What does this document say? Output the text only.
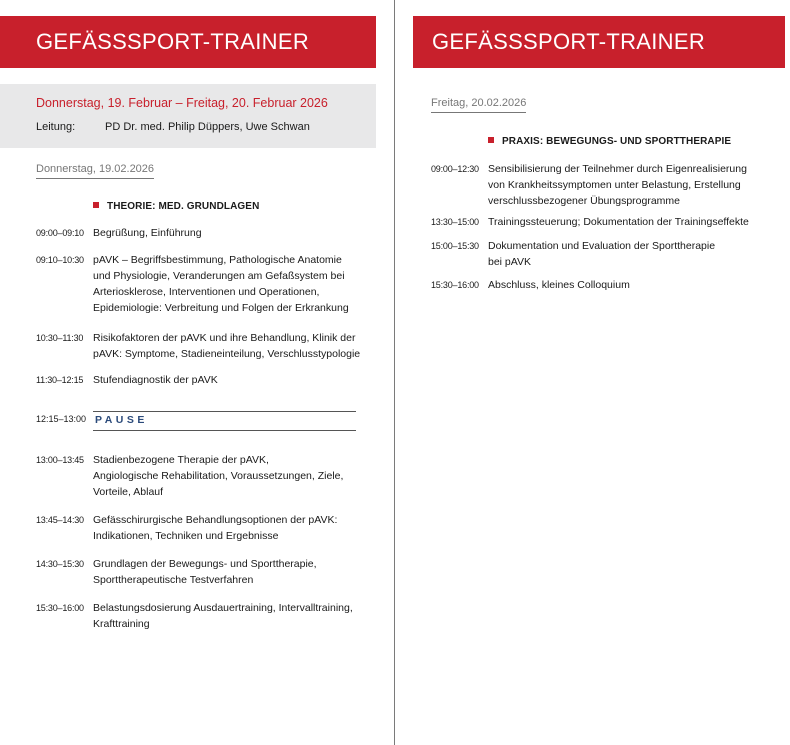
GEFÄSSSPORT-TRAINER
Donnerstag, 19. Februar – Freitag, 20. Februar 2026
Leitung:	PD Dr. med. Philip Düppers, Uwe Schwan
Donnerstag, 19.02.2026
THEORIE: MED. GRUNDLAGEN
09:00–09:10 Begrüßung, Einführung
09:10–10:30 pAVK – Begriffsbestimmung, Pathologische Anatomie
und Physiologie, Veranderungen am Gefaßsystem bei
Arteriosklerose, Interventionen und Operationen,
Epidemiologie: Verbreitung und Folgen der Erkrankung
10:30–11:30 Risikofaktoren der pAVK und ihre Behandlung, Klinik der
pAVK: Symptome, Stadieneinteilung, Verschlusstypologie
11:30–12:15 Stufendiagnostik der pAVK
13:00–13:45 Stadienbezogene Therapie der pAVK,
Angiologische Rehabilitation, Voraussetzungen, Ziele,
Vorteile, Ablauf
13:45–14:30 Gefässchirurgische Behandlungsoptionen der pAVK:
Indikationen, Techniken und Ergebnisse
14:30–15:30 Grundlagen der Bewegungs- und Sporttherapie,
Sporttherapeutische Testverfahren
15:30–16:00 Belastungsdosierung Ausdauertraining, Intervalltraining,
Krafttraining
12:15–13:00 PAUSE
GEFÄSSSPORT-TRAINER
Freitag, 20.02.2026
PRAXIS: BEWEGUNGS- UND SPORTTHERAPIE
09:00–12:30 Sensibilisierung der Teilnehmer durch Eigenrealisierung
von Krankheitssymptomen unter Belastung, Erstellung
verschlussbezogener Übungsprogramme
13:30–15:00 Trainingssteuerung; Dokumentation der Trainingseffekte
15:00–15:30 Dokumentation und Evaluation der Sporttherapie
bei pAVK
15:30–16:00 Abschluss, kleines Colloquium
